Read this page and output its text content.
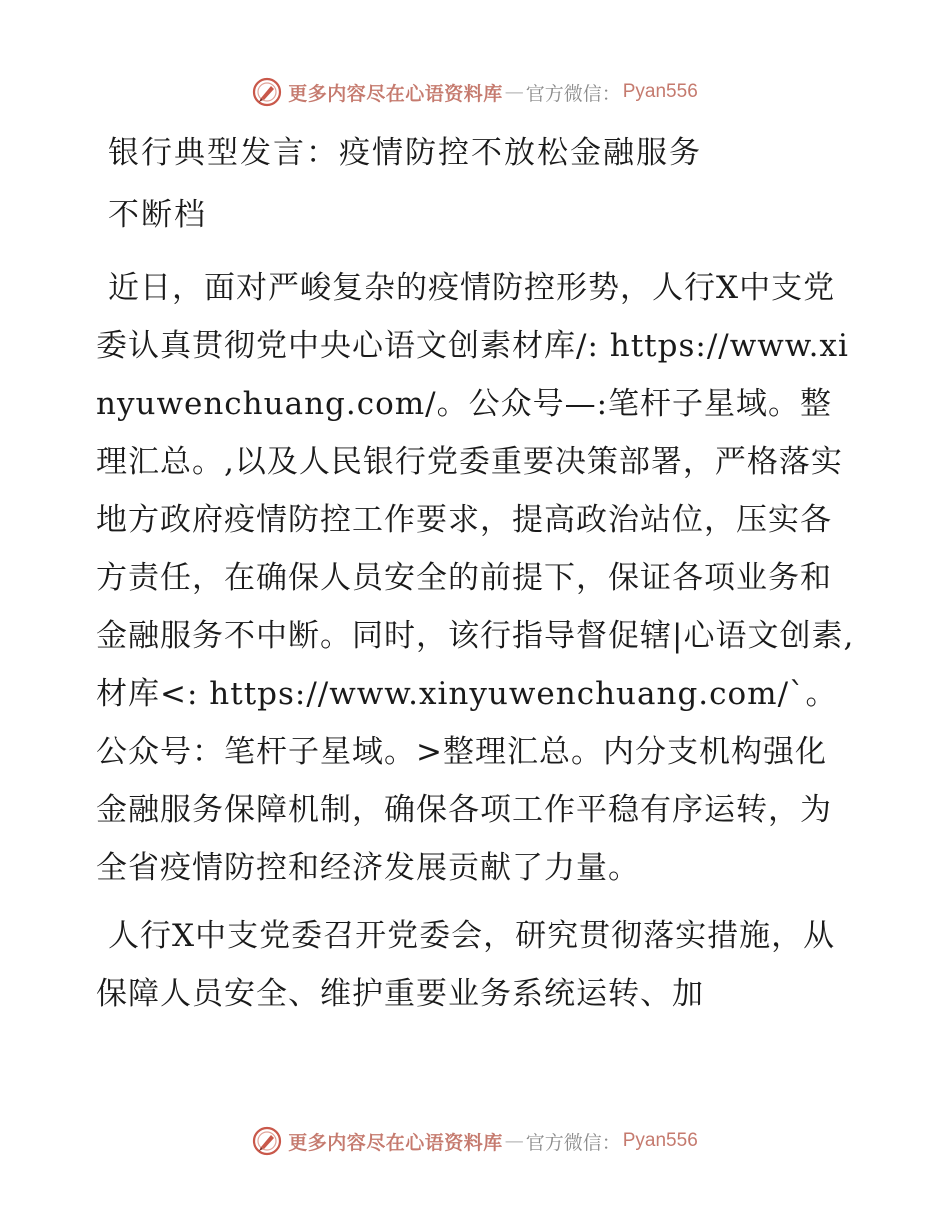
更多内容尽在心语资料库 — 官方微信： Pyan556
银行典型发言：疫情防控不放松金融服务
不断档

近日，面对严峻复杂的疫情防控形势，人行X中支党委认真贯彻党中央心语文创素材库/: https://www.xinyuwenchuang.com/。公众号—:笔杆子星域。整理汇总。,以及人民银行党委重要决策部署，严格落实地方政府疫情防控工作要求，提高政治站位，压实各方责任，在确保人员安全的前提下，保证各项业务和金融服务不中断。同时，该行指导督促辖|心语文创素,材库<: https://www.xinyuwenchuang.com/`。公众号：笔杆子星域。>整理汇总。内分支机构强化金融服务保障机制，确保各项工作平稳有序运转，为全省疫情防控和经济发展贡献了力量。

人行X中支党委召开党委会，研究贯彻落实措施，从保障人员安全、维护重要业务系统运转、加

更多内容尽在心语资料库 — 官方微信： Pyan556
